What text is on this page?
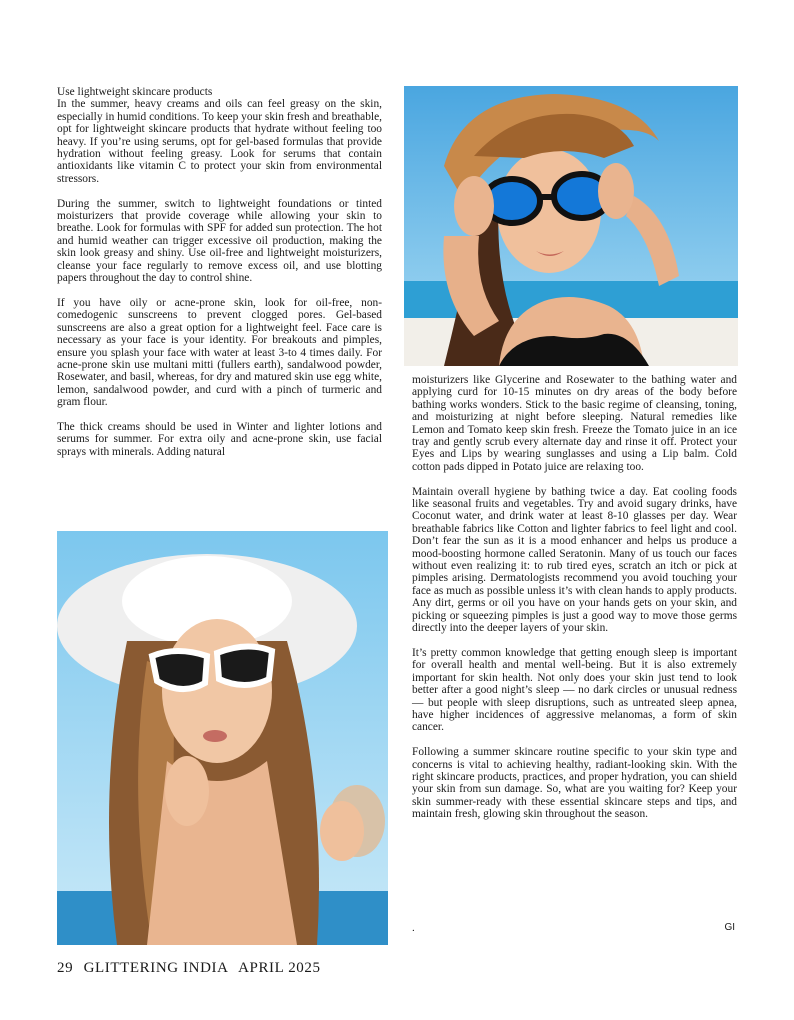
Use lightweight skincare products
In the summer, heavy creams and oils can feel greasy on the skin, especially in humid conditions. To keep your skin fresh and breathable, opt for lightweight skincare products that hydrate without feeling too heavy. If you’re using serums, opt for gel-based formulas that provide hydration without feeling greasy. Look for serums that contain antioxidants like vitamin C to protect your skin from environmental stressors.

During the summer, switch to lightweight foundations or tinted moisturizers that provide coverage while allowing your skin to breathe. Look for formulas with SPF for added sun protection. The hot and humid weather can trigger excessive oil production, making the skin look greasy and shiny. Use oil-free and lightweight moisturizers, cleanse your face regularly to remove excess oil, and use blotting papers throughout the day to control shine.

If you have oily or acne-prone skin, look for oil-free, non-comedogenic sunscreens to prevent clogged pores. Gel-based sunscreens are also a great option for a lightweight feel. Face care is necessary as your face is your identity. For breakouts and pimples, ensure you splash your face with water at least 3-to 4 times daily. For acne-prone skin use multani mitti (fullers earth), sandalwood powder, Rosewater, and basil, whereas, for dry and matured skin use egg white, lemon, sandalwood powder, and curd with a pinch of turmeric and gram flour.

The thick creams should be used in Winter and lighter lotions and serums for summer. For extra oily and acne-prone skin, use facial sprays with minerals. Adding natural

moisturizers like Glycerine and Rosewater to the bathing water and applying curd for 10-15 minutes on dry areas of the body before bathing works wonders. Stick to the basic regime of cleansing, toning, and moisturizing at night before sleeping. Natural remedies like Lemon and Tomato keep skin fresh. Freeze the Tomato juice in an ice tray and gently scrub every alternate day and rinse it off. Protect your Eyes and Lips by wearing sunglasses and using a Lip balm. Cold cotton pads dipped in Potato juice are relaxing too.

Maintain overall hygiene by bathing twice a day. Eat cooling foods like seasonal fruits and vegetables. Try and avoid sugary drinks, have Coconut water, and drink water at least 8-10 glasses per day. Wear breathable fabrics like Cotton and lighter fabrics to feel light and cool. Don’t fear the sun as it is a mood enhancer and helps us produce a mood-boosting hormone called Seratonin. Many of us touch our faces without even realizing it: to rub tired eyes, scratch an itch or pick at pimples arising. Dermatologists recommend you avoid touching your face as much as possible unless it’s with clean hands to apply products. Any dirt, germs or oil you have on your hands gets on your skin, and picking or squeezing pimples is just a good way to move those germs directly into the deeper layers of your skin.

It’s pretty common knowledge that getting enough sleep is important for overall health and mental well-being. But it is also extremely important for skin health. Not only does your skin just tend to look better after a good night’s sleep — no dark circles or unusual redness — but people with sleep disruptions, such as untreated sleep apnea, have higher incidences of aggressive melanomas, a form of skin cancer.

Following a summer skincare routine specific to your skin type and concerns is vital to achieving healthy, radiant-looking skin. With the right skincare products, practices, and proper hydration, you can shield your skin from sun damage. So, what are you waiting for? Keep your skin summer-ready with these essential skincare steps and tips, and maintain fresh, glowing skin throughout the season.

.	GI
29 GLITTERING INDIA APRIL 2025
